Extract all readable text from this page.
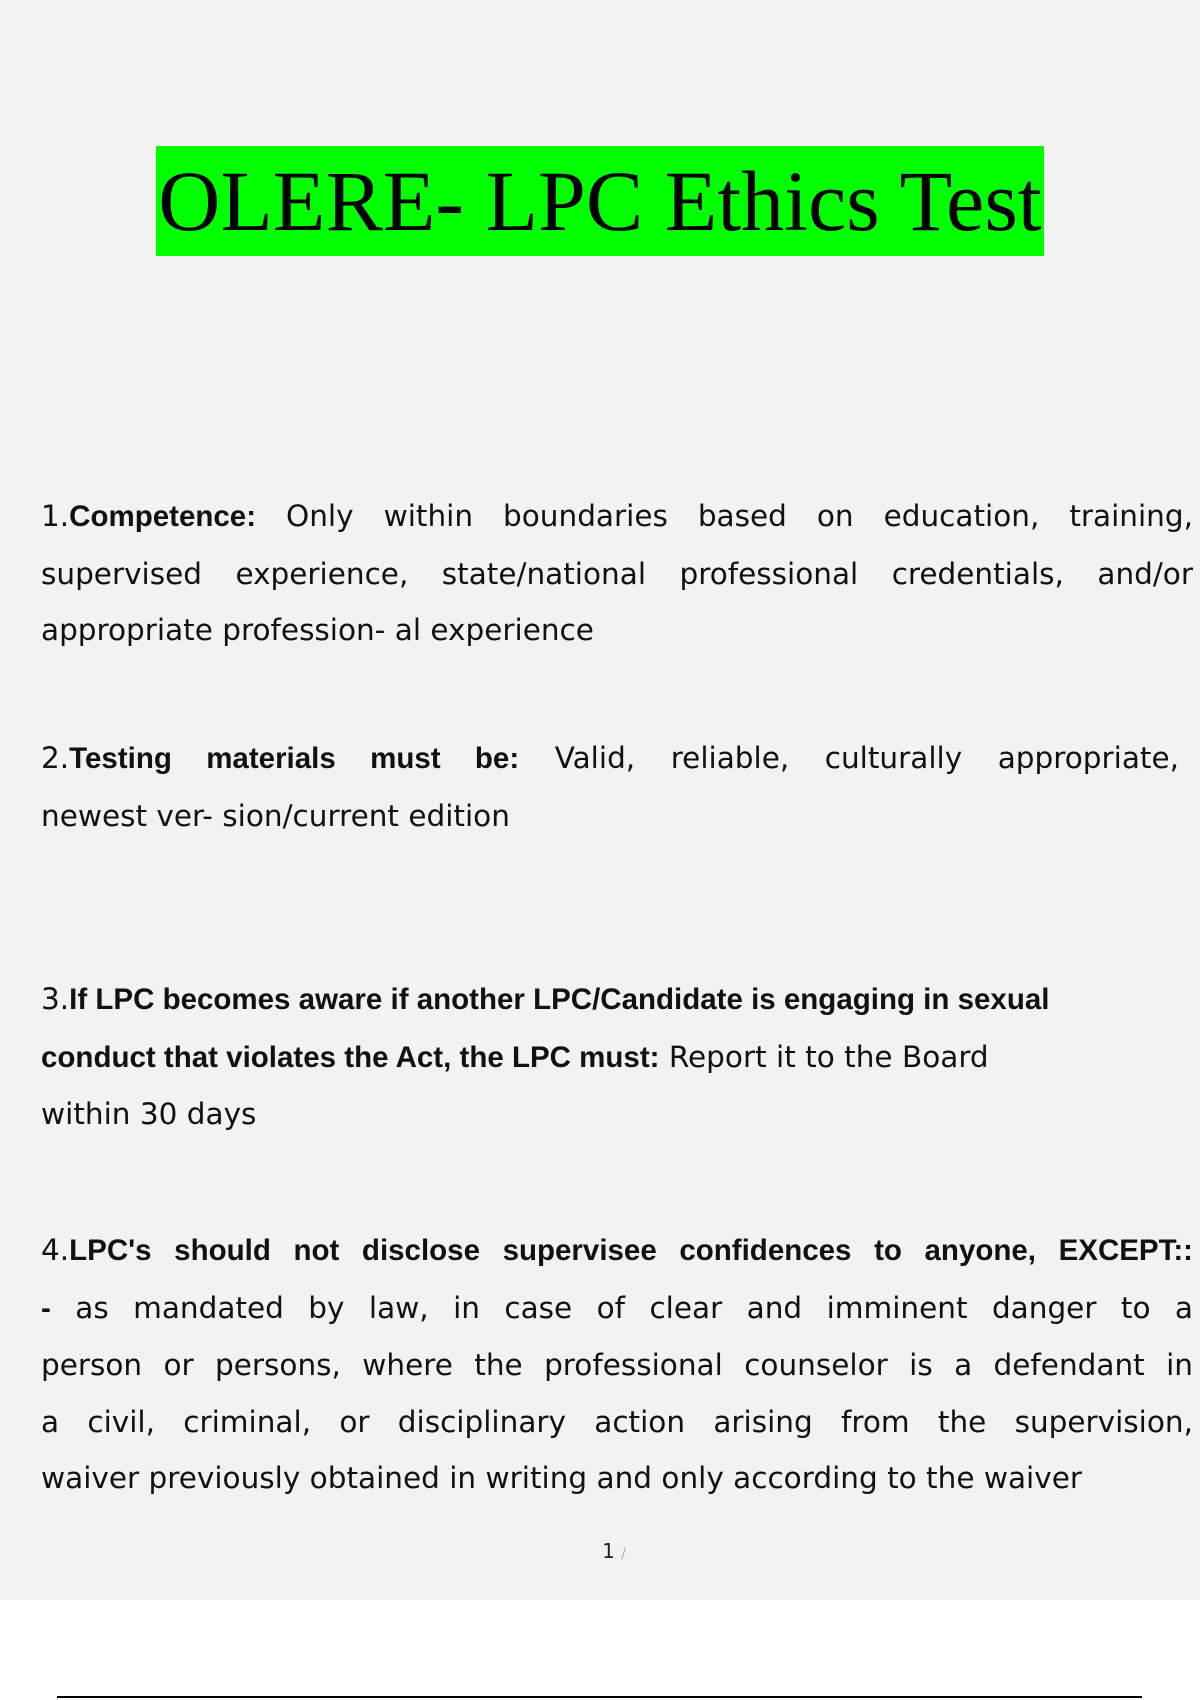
OLERE- LPC Ethics Test
1.Competence: Only within boundaries based on education, training,
supervised experience, state/national professional credentials, and/or
appropriate profession- al experience
2.Testing materials must be: Valid, reliable, culturally appropriate,
newest ver- sion/current edition
3.If LPC becomes aware if another LPC/Candidate is engaging in sexual
conduct that violates the Act, the LPC must: Report it to the Board
within 30 days
4.LPC's should not disclose supervisee confidences to anyone, EXCEPT::
- as mandated by law, in case of clear and imminent danger to a
person or persons, where the professional counselor is a defendant in
a civil, criminal, or disciplinary action arising from the supervision,
waiver previously obtained in writing and only according to the waiver
1 /
